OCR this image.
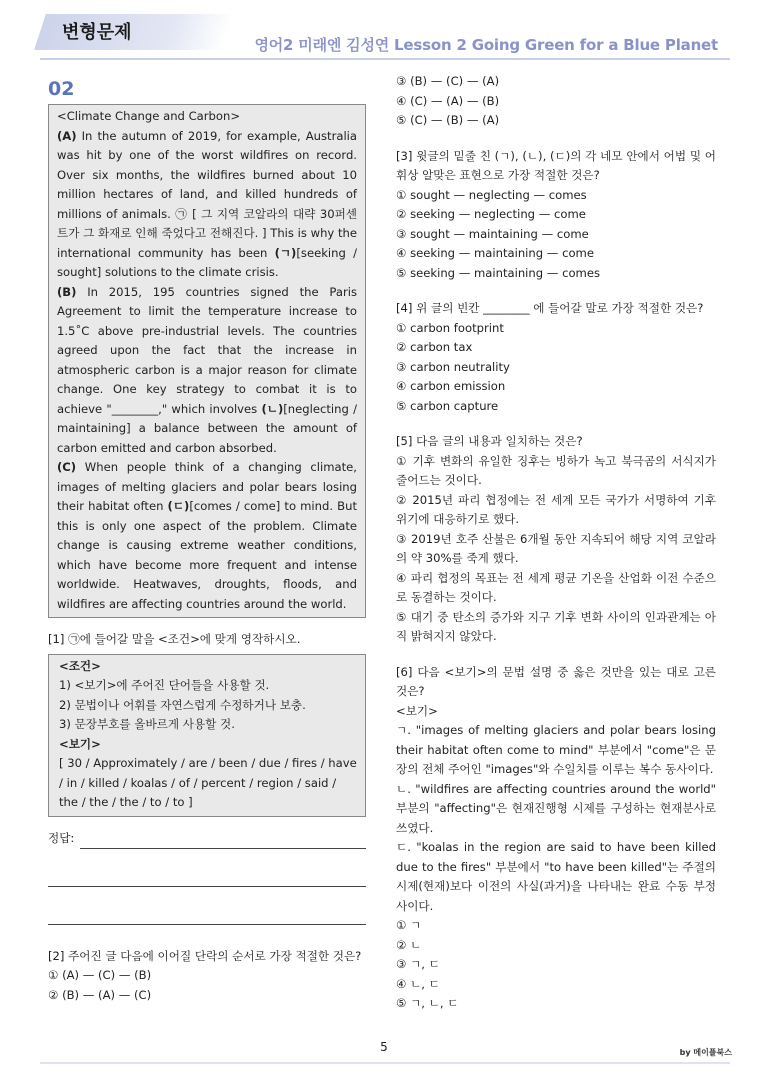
변형문제
영어2 미래엔 김성연 Lesson 2 Going Green for a Blue Planet
02

<Climate Change and Carbon>

(A) In the autumn of 2019, for example, Australia was hit by one of the worst wildfires on record. Over six months, the wildfires burned about 10 million hectares of land, and killed hundreds of millions of animals. ㉠ [ 그 지역 코알라의 대략 30퍼센트가 그 화재로 인해 죽었다고 전해진다. ] This is why the international community has been (ㄱ)[seeking / sought] solutions to the climate crisis.

(B) In 2015, 195 countries signed the Paris Agreement to limit the temperature increase to 1.5˚C above pre-industrial levels. The countries agreed upon the fact that the increase in atmospheric carbon is a major reason for climate change. One key strategy to combat it is to achieve "________," which involves (ㄴ)[neglecting / maintaining] a balance between the amount of carbon emitted and carbon absorbed.

(C) When people think of a changing climate, images of melting glaciers and polar bears losing their habitat often (ㄷ)[comes / come] to mind. But this is only one aspect of the problem. Climate change is causing extreme weather conditions, which have become more frequent and intense worldwide. Heatwaves, droughts, floods, and wildfires are affecting countries around the world.

[1] ㉠에 들어갈 말을 <조건>에 맞게 영작하시오.

<조건>
1) <보기>에 주어진 단어들을 사용할 것.
2) 문법이나 어휘를 자연스럽게 수정하거나 보충.
3) 문장부호를 올바르게 사용할 것.
<보기>
[ 30 / Approximately / are / been / due / fires / have / in / killed / koalas / of / percent / region / said / the / the / the / to / to ]
정답:

[2] 주어진 글 다음에 이어질 단락의 순서로 가장 적절한 것은?

① (A) — (C) — (B)
② (B) — (A) — (C)
③ (B) — (C) — (A)
④ (C) — (A) — (B)
⑤ (C) — (B) — (A)

[3] 윗글의 밑줄 친 (ㄱ), (ㄴ), (ㄷ)의 각 네모 안에서 어법 및 어휘상 알맞은 표현으로 가장 적절한 것은?

① sought — neglecting — comes
② seeking — neglecting — come
③ sought — maintaining — come
④ seeking — maintaining — come
⑤ seeking — maintaining — comes

[4] 위 글의 빈칸 ________ 에 들어갈 말로 가장 적절한 것은?

① carbon footprint
② carbon tax
③ carbon neutrality
④ carbon emission
⑤ carbon capture

[5] 다음 글의 내용과 일치하는 것은?

① 기후 변화의 유일한 징후는 빙하가 녹고 북극곰의 서식지가 줄어드는 것이다.

② 2015년 파리 협정에는 전 세계 모든 국가가 서명하여 기후 위기에 대응하기로 했다.

③ 2019년 호주 산불은 6개월 동안 지속되어 해당 지역 코알라의 약 30%를 죽게 했다.

④ 파리 협정의 목표는 전 세계 평균 기온을 산업화 이전 수준으로 동결하는 것이다.

⑤ 대기 중 탄소의 증가와 지구 기후 변화 사이의 인과관계는 아직 밝혀지지 않았다.

[6] 다음 <보기>의 문법 설명 중 옳은 것만을 있는 대로 고른 것은?

<보기>

ㄱ. "images of melting glaciers and polar bears losing their habitat often come to mind" 부분에서 "come"은 문장의 전체 주어인 "images"와 수일치를 이루는 복수 동사이다.

ㄴ. "wildfires are affecting countries around the world" 부분의 "affecting"은 현재진행형 시제를 구성하는 현재분사로 쓰였다.

ㄷ. "koalas in the region are said to have been killed due to the fires" 부분에서 "to have been killed"는 주절의 시제(현재)보다 이전의 사실(과거)을 나타내는 완료 수동 부정사이다.

① ㄱ
② ㄴ
③ ㄱ, ㄷ
④ ㄴ, ㄷ
⑤ ㄱ, ㄴ, ㄷ
5	by 메이플북스
